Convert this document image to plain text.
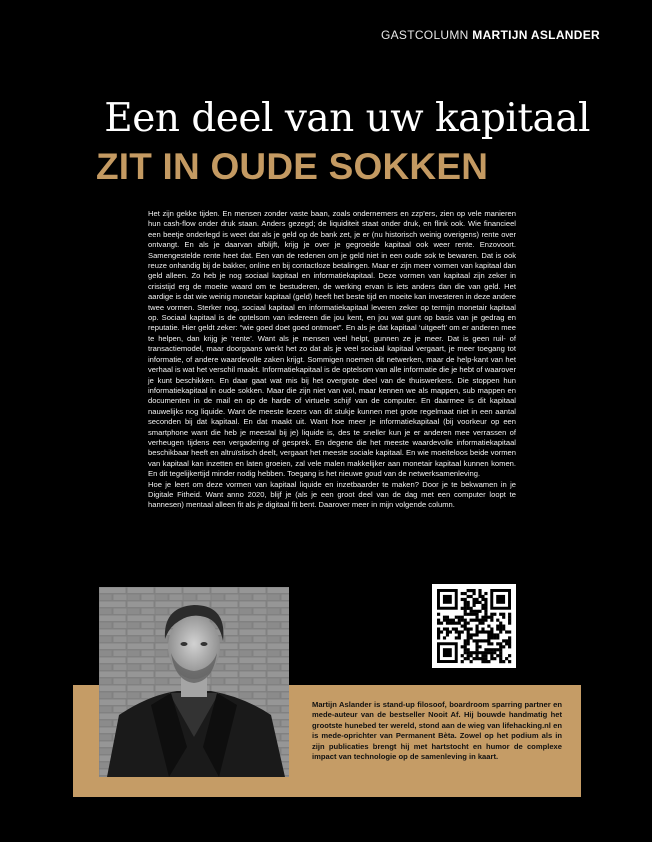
GASTCOLUMN MARTIJN ASLANDER
Een deel van uw kapitaal
ZIT IN OUDE SOKKEN

Het zijn gekke tijden. En mensen zonder vaste baan, zoals ondernemers en zzp'ers, zien op vele manieren hun cash-flow onder druk staan. Anders gezegd; de liquiditeit staat onder druk, en flink ook. Wie financieel een beetje onderlegd is weet dat als je geld op de bank zet, je er (nu historisch weinig overigens) rente over ontvangt. En als je daarvan afblijft, krijg je over je gegroeide kapitaal ook weer rente. Enzovoort. Samengestelde rente heet dat. Een van de redenen om je geld niet in een oude sok te bewaren. Dat is ook reuze onhandig bij de bakker, online en bij contactloze betalingen. Maar er zijn meer vormen van kapitaal dan geld alleen. Zo heb je nog sociaal kapitaal en informatiekapitaal. Deze vormen van kapitaal zijn zeker in crisistijd erg de moeite waard om te bestuderen, de werking ervan is iets anders dan die van geld. Het aardige is dat wie weinig monetair kapitaal (geld) heeft het beste tijd en moeite kan investeren in deze andere twee vormen. Sterker nog, sociaal kapitaal en informatiekapitaal leveren zeker op termijn monetair kapitaal op. Sociaal kapitaal is de optelsom van iedereen die jou kent, en jou wat gunt op basis van je gedrag en reputatie. Hier geldt zeker: “wie goed doet goed ontmoet”. En als je dat kapitaal ‘uitgeeft’ om er anderen mee te helpen, dan krijg je ‘rente’. Want als je mensen veel helpt, gunnen ze je meer. Dat is geen ruil- of transactiemodel, maar doorgaans werkt het zo dat als je veel sociaal kapitaal vergaart, je meer toegang tot informatie, of andere waardevolle zaken krijgt. Sommigen noemen dit netwerken, maar de help-kant van het verhaal is wat het verschil maakt. Informatiekapitaal is de optelsom van alle informatie die je hebt of waarover je kunt beschikken. En daar gaat wat mis bij het overgrote deel van de thuiswerkers. Die stoppen hun informatiekapitaal in oude sokken. Maar die zijn niet van wol, maar kennen we als mappen, sub mappen en documenten in de mail en op de harde of virtuele schijf van de computer. En daarmee is dit kapitaal nauwelijks nog liquide. Want de meeste lezers van dit stukje kunnen met grote regelmaat niet in een aantal seconden bij dat kapitaal. En dat maakt uit. Want hoe meer je informatiekapitaal (bij voorkeur op een smartphone want die heb je meestal bij je) liquide is, des te sneller kun je er anderen mee verrassen of verheugen tijdens een vergadering of gesprek. En degene die het meeste waardevolle informatiekapitaal beschikbaar heeft en altruïstisch deelt, vergaart het meeste sociale kapitaal. En wie moeiteloos beide vormen van kapitaal kan inzetten en laten groeien, zal vele malen makkelijker aan monetair kapitaal kunnen komen. En dit tegelijkertijd minder nodig hebben. Toegang is het nieuwe goud van de netwerksamenleving.

Hoe je leert om deze vormen van kapitaal liquide en inzetbaarder te maken? Door je te bekwamen in je Digitale Fitheid. Want anno 2020, blijf je (als je een groot deel van de dag met een computer loopt te hannesen) mentaal alleen fit als je digitaal fit bent. Daarover meer in mijn volgende column.

Martijn Aslander is stand-up filosoof, boardroom sparring partner en mede-auteur van de bestseller Nooit Af. Hij bouwde handmatig het grootste hunebed ter wereld, stond aan de wieg van lifehacking.nl en is mede-oprichter van Permanent Bèta. Zowel op het podium als in zijn publicaties brengt hij met hartstocht en humor de complexe impact van technologie op de samenleving in kaart.
